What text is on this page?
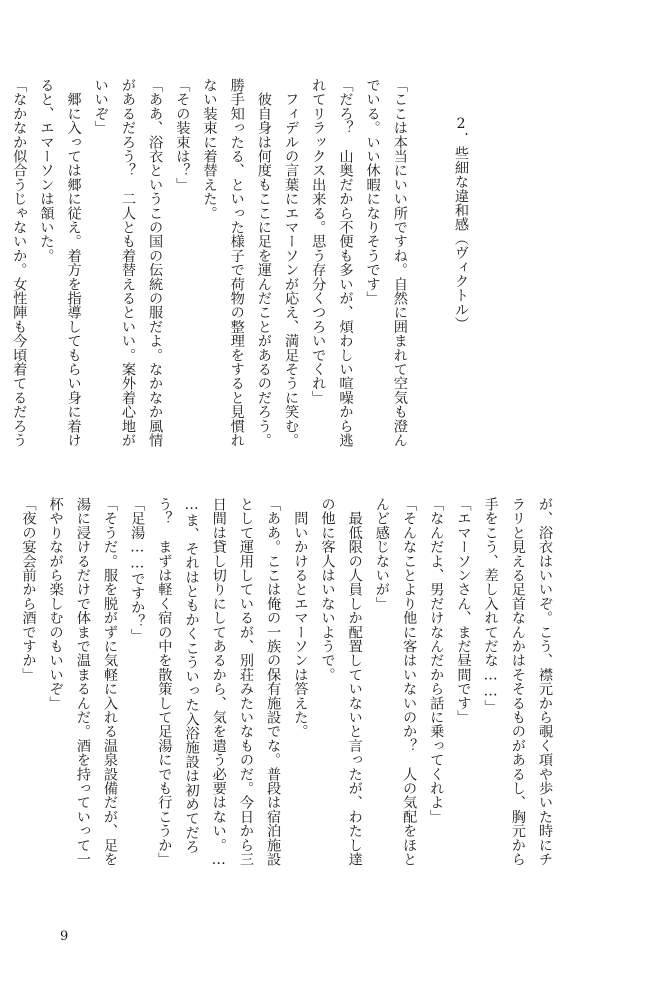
2．些細な違和感（ヴィクトル）
「ここは本当にいい所ですね。自然に囲まれて空気も澄ん
でいる。いい休暇になりそうです」
「だろ？　山奥だから不便も多いが、煩わしい喧噪から逃
れてリラックス出来る。思う存分くつろいでくれ」
　フィデルの言葉にエマーソンが応え、満足そうに笑む。
　彼自身は何度もここに足を運んだことがあるのだろう。
勝手知ったる、といった様子で荷物の整理をすると見慣れ
ない装束に着替えた。
「その装束は？」
「ああ、浴衣というこの国の伝統の服だよ。なかなか風情
があるだろう？　二人とも着替えるといい。案外着心地が
いいぞ」
　郷に入っては郷に従え。着方を指導してもらい身に着け
ると、エマーソンは頷いた。
「なかなか似合うじゃないか。女性陣も今頃着てるだろう
が、浴衣はいいぞ。こう、襟元から覗く項や歩いた時にチ
ラリと見える足首なんかはそそるものがあるし、胸元から
手をこう、差し入れてだな……」
「エマーソンさん、まだ昼間です」
「なんだよ、男だけなんだから話に乗ってくれよ」
「そんなことより他に客はいないのか？　人の気配をほと
んど感じないが」
　最低限の人員しか配置していないと言ったが、わたし達
の他に客人はいないようで。
　問いかけるとエマーソンは答えた。
「ああ。ここは俺の一族の保有施設でな。普段は宿泊施設
として運用しているが、別荘みたいなものだ。今日から三
日間は貸し切りにしてあるから、気を遣う必要はない。…
…ま、それはともかくこういった入浴施設は初めてだろ
う？　まずは軽く宿の中を散策して足湯にでも行こうか」
「足湯……ですか？」
「そうだ。服を脱がずに気軽に入れる温泉設備だが、足を
湯に浸けるだけで体まで温まるんだ。酒を持っていって一
杯やりながら楽しむのもいいぞ」
「夜の宴会前から酒ですか」
9
